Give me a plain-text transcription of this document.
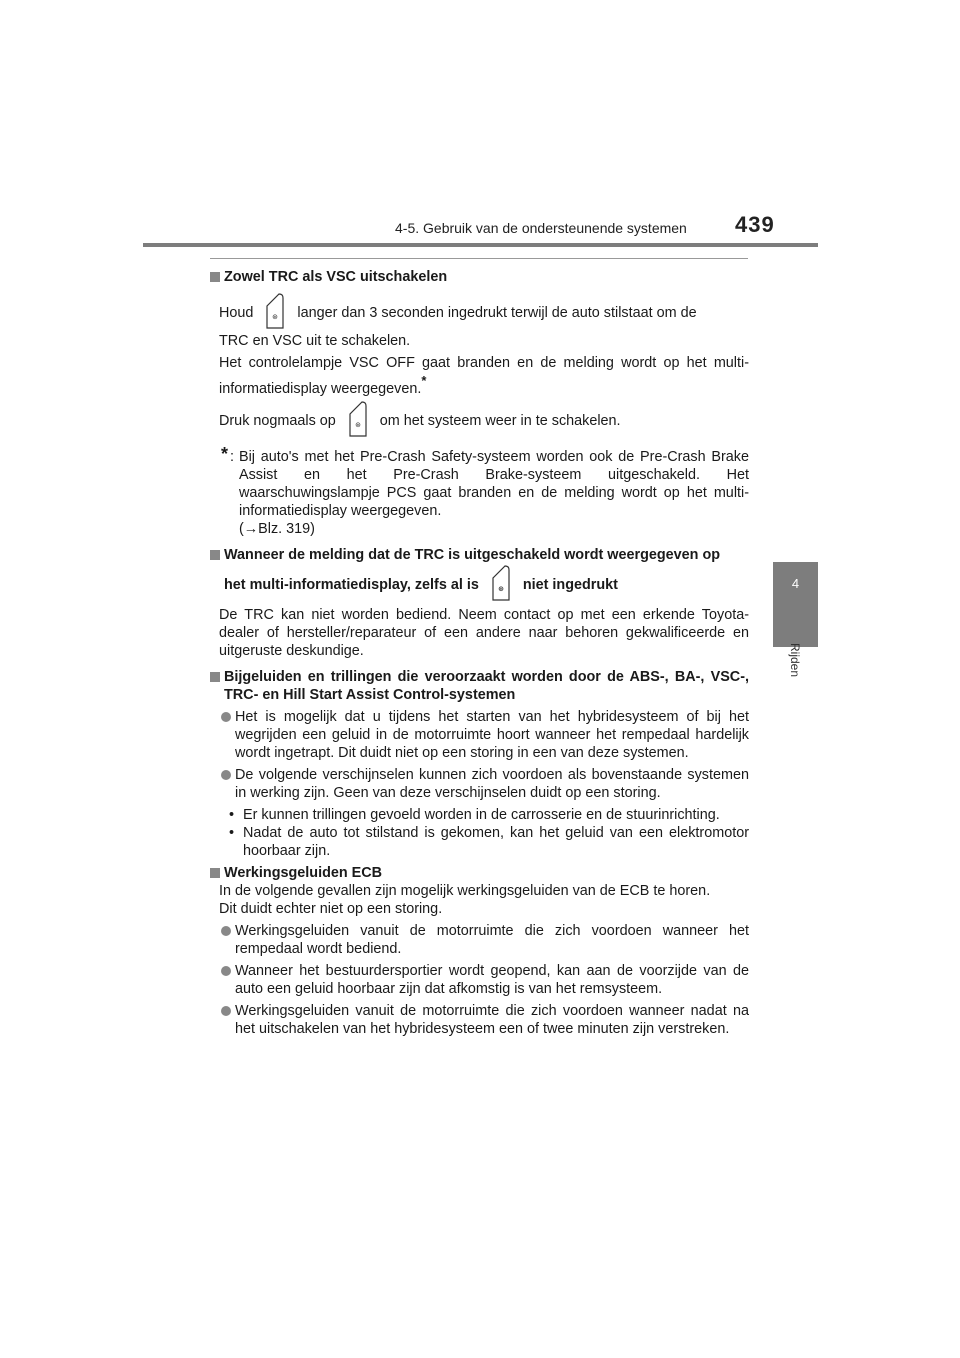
4-5. Gebruik van de ondersteunende systemen 439
4
Rijden

Zowel TRC als VSC uitschakelen

Houd	⊛ langer dan 3 seconden ingedrukt terwijl de auto stilstaat om de

TRC en VSC uit te schakelen.

Het controlelampje VSC OFF gaat branden en de melding wordt op het multi-informatiedisplay weergegeven.*

Druk nogmaals op	⊛ om het systeem weer in te schakelen.

* : Bij auto's met het Pre-Crash Safety-systeem worden ook de Pre-Crash Brake Assist en het Pre-Crash Brake-systeem uitgeschakeld. Het waarschuwingslampje PCS gaat branden en de melding wordt op het multi-informatiedisplay weergegeven.

(→Blz. 319)

Wanneer de melding dat de TRC is uitgeschakeld wordt weergegeven op

het multi-informatiedisplay, zelfs al is	⊛ niet ingedrukt

De TRC kan niet worden bediend. Neem contact op met een erkende Toyota-dealer of hersteller/reparateur of een andere naar behoren gekwalificeerde en uitgeruste deskundige.

Bijgeluiden en trillingen die veroorzaakt worden door de ABS-, BA-, VSC-, TRC- en Hill Start Assist Control-systemen

Het is mogelijk dat u tijdens het starten van het hybridesysteem of bij het wegrijden een geluid in de motorruimte hoort wanneer het rempedaal hardelijk wordt ingetrapt. Dit duidt niet op een storing in een van deze systemen.

De volgende verschijnselen kunnen zich voordoen als bovenstaande systemen in werking zijn. Geen van deze verschijnselen duidt op een storing.

• Er kunnen trillingen gevoeld worden in de carrosserie en de stuurinrichting.

• Nadat de auto tot stilstand is gekomen, kan het geluid van een elektromotor hoorbaar zijn.

Werkingsgeluiden ECB

In de volgende gevallen zijn mogelijk werkingsgeluiden van de ECB te horen.

Dit duidt echter niet op een storing.

Werkingsgeluiden vanuit de motorruimte die zich voordoen wanneer het rempedaal wordt bediend.

Wanneer het bestuurdersportier wordt geopend, kan aan de voorzijde van de auto een geluid hoorbaar zijn dat afkomstig is van het remsysteem.

Werkingsgeluiden vanuit de motorruimte die zich voordoen wanneer nadat na het uitschakelen van het hybridesysteem een of twee minuten zijn verstreken.
